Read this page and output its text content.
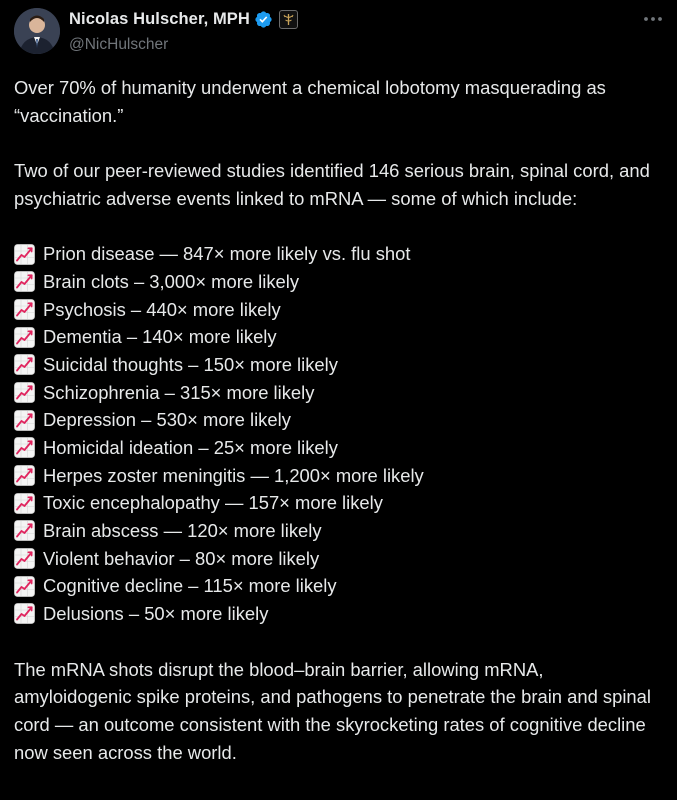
Nicolas Hulscher, MPH
@NicHulscher

Over 70% of humanity underwent a chemical lobotomy masquerading as “vaccination.”

Two of our peer-reviewed studies identified 146 serious brain, spinal cord, and psychiatric adverse events linked to mRNA — some of which include:

Prion disease — 847× more likely vs. flu shot
Brain clots – 3,000× more likely
Psychosis – 440× more likely
Dementia – 140× more likely
Suicidal thoughts – 150× more likely
Schizophrenia – 315× more likely
Depression – 530× more likely
Homicidal ideation – 25× more likely
Herpes zoster meningitis — 1,200× more likely
Toxic encephalopathy — 157× more likely
Brain abscess — 120× more likely
Violent behavior – 80× more likely
Cognitive decline – 115× more likely
Delusions – 50× more likely

The mRNA shots disrupt the blood–brain barrier, allowing mRNA, amyloidogenic spike proteins, and pathogens to penetrate the brain and spinal cord — an outcome consistent with the skyrocketing rates of cognitive decline now seen across the world.
